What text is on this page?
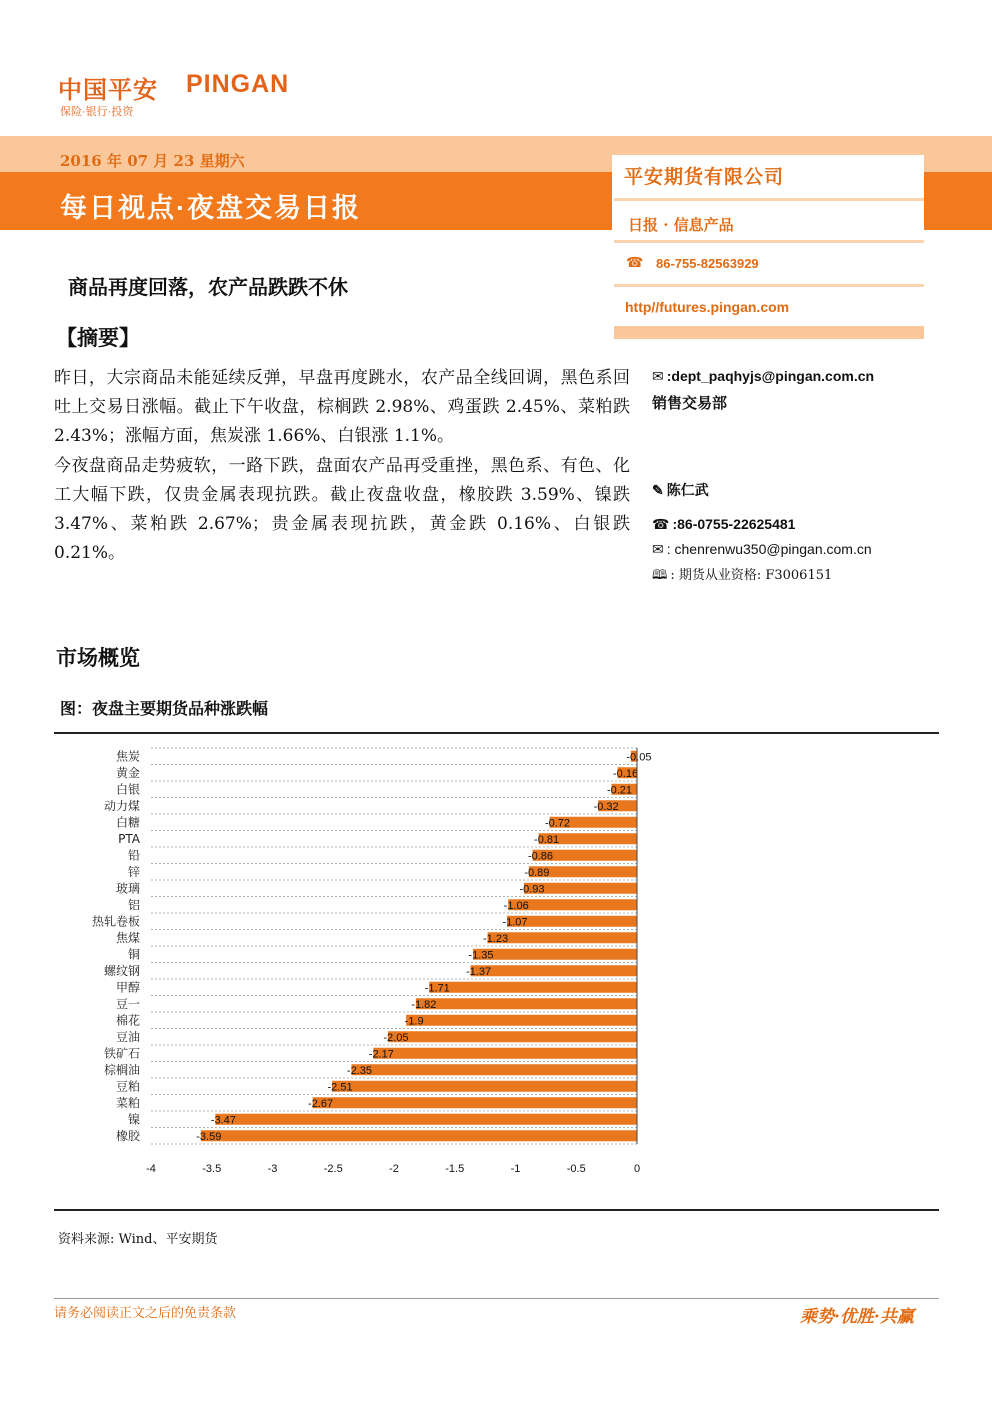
中国平安 PINGAN
保险·银行·投资
2016 年 07 月 23 星期六
每日视点·夜盘交易日报
平安期货有限公司
日报 · 信息产品
☎ 86-755-82563929
http//futures.pingan.com
商品再度回落，农产品跌跌不休
【摘要】
昨日，大宗商品未能延续反弹，早盘再度跳水，农产品全线回调，黑色系回吐上交易日涨幅。截止下午收盘，棕榈跌 2.98%、鸡蛋跌 2.45%、菜粕跌 2.43%；涨幅方面，焦炭涨 1.66%、白银涨 1.1%。
今夜盘商品走势疲软，一路下跌，盘面农产品再受重挫，黑色系、有色、化工大幅下跌，仅贵金属表现抗跌。截止夜盘收盘，橡胶跌 3.59%、镍跌 3.47%、菜粕跌 2.67%；贵金属表现抗跌，黄金跌 0.16%、白银跌 0.21%。
✉ :dept_paqhyjs@pingan.com.cn
销售交易部
✎ 陈仁武
☎ :86-0755-22625481
✉ : chenrenwu350@pingan.com.cn
🕮 : 期货从业资格: F3006151
市场概览
图：夜盘主要期货品种涨跌幅
焦炭
黄金
白银
动力煤
白糖
PTA
铅
锌
玻璃
铝
热轧卷板
焦煤
铜
螺纹钢
甲醇
豆一
棉花
豆油
铁矿石
棕榈油
豆粕
菜粕
镍
橡胶
-0.05
-0.16
-0.21
-0.32
-0.72
-0.81
-0.86
-0.89
-0.93
-1.06
-1.07
-1.23
-1.35
-1.37
-1.71
-1.82
-1.9
-2.05
-2.17
-2.35
-2.51
-2.67
-3.47
-3.59
-4	-3.5	-3	-2.5	-2	-1.5	-1	-0.5	0
资料来源: Wind、平安期货
请务必阅读正文之后的免责条款	乘势·优胜·共赢
